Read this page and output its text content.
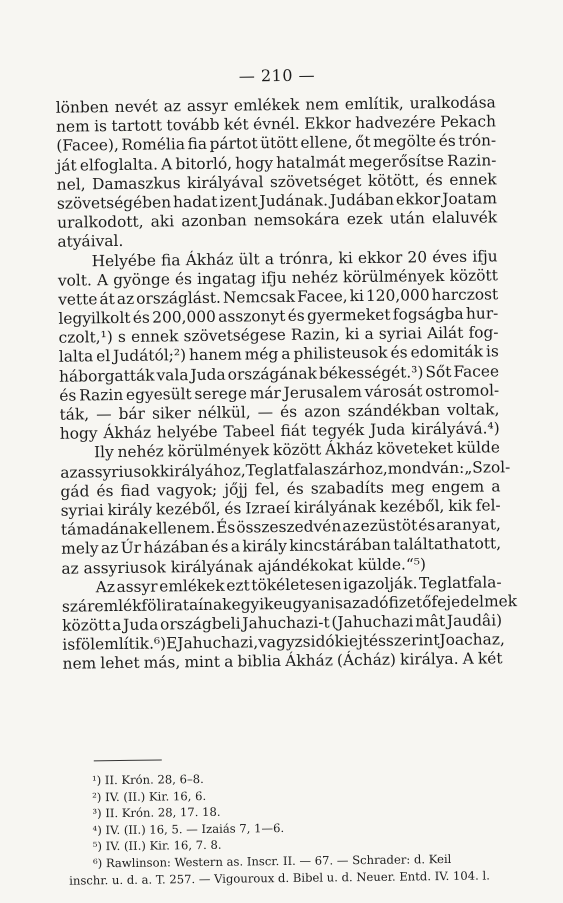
— 210 —
lönben nevét az assyr emlékek nem említik, uralkodása
nem is tartott tovább két évnél. Ekkor hadvezére Pekach
(Facee), Romélia fia pártot ütött ellene, őt megölte és trón-
ját elfoglalta. A bitorló, hogy hatalmát megerősítse Razin-
nel, Damaszkus királyával szövetséget kötött, és ennek
szövetségében hadat izent Judának. Judában ekkor Joatam
uralkodott, aki azonban nemsokára ezek után elaluvék
atyáival.
Helyébe fia Ákház ült a trónra, ki ekkor 20 éves ifju
volt. A gyönge és ingatag ifju nehéz körülmények között
vette át az országlást. Nemcsak Facee, ki 120,000 harczost
legyilkolt és 200,000 asszonyt és gyermeket fogságba hur-
czolt,¹) s ennek szövetségese Razin, ki a syriai Ailát fog-
lalta el Judától;²) hanem még a philisteusok és edomiták is
háborgatták vala Juda országának békességét.³) Sőt Facee
és Razin egyesült serege már Jerusalem városát ostromol-
ták, — bár siker nélkül, — és azon szándékban voltak,
hogy Ákház helyébe Tabeel fiát tegyék Juda királyává.⁴)
Ily nehéz körülmények között Ákház követeket külde
az assyriusok királyához, Teglatfalaszárhoz, mondván: „Szol-
gád és fiad vagyok; jőjj fel, és szabadíts meg engem a
syriai király kezéből, és Izraeí királyának kezéből, kik fel-
támadának ellenem. És összeszedvén az ezüstöt és aranyat,
mely az Úr házában és a király kincstárában találtathatott,
az assyriusok királyának ajándékokat külde.“⁵)
Az assyr emlékek ezt tökéletesen igazolják. Teglatfala-
szár emlékfölirataínak egyike ugyanis az adófizető fejedelmek
között a Juda országbeli Jahuchazi-t (Jahuchazi mât Jaudâi)
is fölemlítik.⁶) E Jahuchazi, vagy zsidó kiejtés szerint Joachaz,
nem lehet más, mint a biblia Ákház (Ácház) királya. A két
¹) II. Krón. 28, 6–8.
²) IV. (II.) Kir. 16, 6.
³) II. Krón. 28, 17. 18.
⁴) IV. (II.) 16, 5. — Izaiás 7, 1—6.
⁵) IV. (II.) Kir. 16, 7. 8.
⁶) Rawlinson: Western as. Inscr. II. — 67. — Schrader: d. Keil
inschr. u. d. a. T. 257. — Vigouroux d. Bibel u. d. Neuer. Entd. IV. 104. l.
